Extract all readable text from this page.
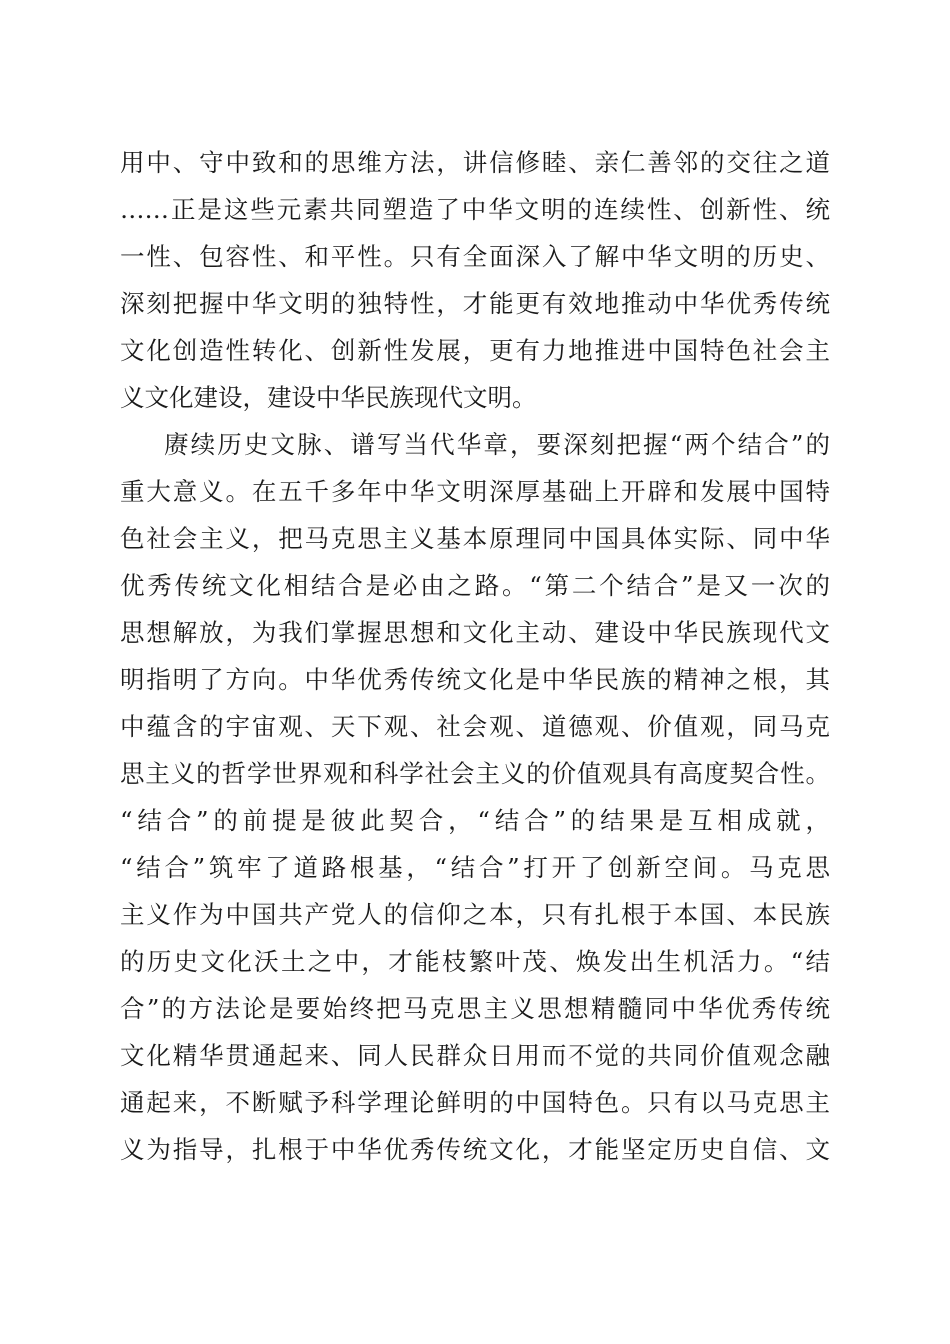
用中、守中致和的思维方法，讲信修睦、亲仁善邻的交往之道
……正是这些元素共同塑造了中华文明的连续性、创新性、统
一性、包容性、和平性。只有全面深入了解中华文明的历史、
深刻把握中华文明的独特性，才能更有效地推动中华优秀传统
文化创造性转化、创新性发展，更有力地推进中国特色社会主
义文化建设，建设中华民族现代文明。
赓续历史文脉、谱写当代华章，要深刻把握“两个结合”的
重大意义。在五千多年中华文明深厚基础上开辟和发展中国特
色社会主义，把马克思主义基本原理同中国具体实际、同中华
优秀传统文化相结合是必由之路。“第二个结合”是又一次的
思想解放，为我们掌握思想和文化主动、建设中华民族现代文
明指明了方向。中华优秀传统文化是中华民族的精神之根，其
中蕴含的宇宙观、天下观、社会观、道德观、价值观，同马克
思主义的哲学世界观和科学社会主义的价值观具有高度契合性。
“结合”的前提是彼此契合，“结合”的结果是互相成就，
“结合”筑牢了道路根基，“结合”打开了创新空间。马克思
主义作为中国共产党人的信仰之本，只有扎根于本国、本民族
的历史文化沃土之中，才能枝繁叶茂、焕发出生机活力。“结
合”的方法论是要始终把马克思主义思想精髓同中华优秀传统
文化精华贯通起来、同人民群众日用而不觉的共同价值观念融
通起来，不断赋予科学理论鲜明的中国特色。只有以马克思主
义为指导，扎根于中华优秀传统文化，才能坚定历史自信、文
